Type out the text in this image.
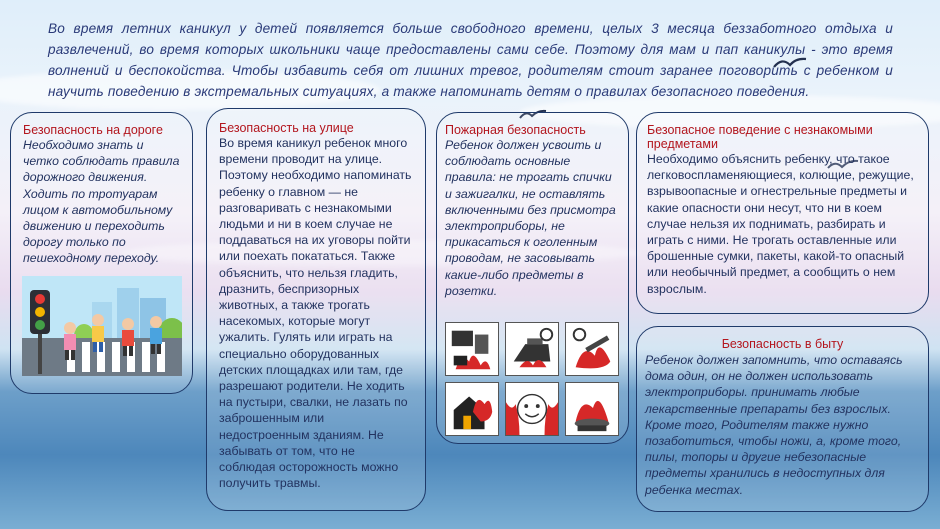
Во время летних каникул у детей появляется больше свободного времени, целых 3 месяца беззаботного отдыха и развлечений, во время которых школьники чаще предоставлены сами себе. Поэтому для мам и пап каникулы - это время волнений и беспокойства. Чтобы избавить себя от лишних тревог, родителям стоит заранее поговорить с ребенком и научить поведению в экстремальных ситуациях, а также напоминать детям о правилах безопасного поведения.
Безопасность на дороге
Необходимо знать и четко соблюдать правила дорожного движения. Ходить по тротуарам лицом к автомобильному движению и переходить дорогу только по пешеходному переходу.
Безопасность на улице
Во время каникул ребенок много времени проводит на улице. Поэтому необходимо напоминать ребенку о главном — не разговаривать с незнакомыми людьми и ни в коем случае не поддаваться на их уговоры пойти или поехать покататься. Также объяснить, что нельзя гладить, дразнить, беспризорных животных, а также трогать насекомых, которые могут ужалить. Гулять или играть на специально оборудованных детских площадках или там, где разрешают родители. Не ходить на пустыри, свалки, не лазать по заброшенным или недостроенным зданиям. Не забывать от том, что не соблюдая осторожность можно получить травмы.
Пожарная безопасность
Ребенок должен усвоить и соблюдать основные правила: не трогать спички и зажигалки, не оставлять включенными без присмотра электроприборы, не прикасаться к оголенным проводам, не засовывать какие-либо предметы в розетки.
Безопасное поведение с незнакомыми предметами
Необходимо объяснить ребенку, что такое легковоспламеняющиеся, колющие, режущие, взрывоопасные и огнестрельные предметы и какие опасности они несут, что ни в коем случае нельзя их поднимать, разбирать и играть с ними. Не трогать оставленные или брошенные сумки, пакеты, какой-то опасный или необычный предмет, а сообщить о нем взрослым.
Безопасность в быту
Ребенок должен запомнить, что оставаясь дома один, он не должен использовать электроприборы. принимать любые лекарственные препараты без взрослых. Кроме того, Родителям также нужно позаботиться, чтобы ножи, а, кроме того, пилы, топоры и другие небезопасные предметы хранились в недоступных для ребенка местах.
